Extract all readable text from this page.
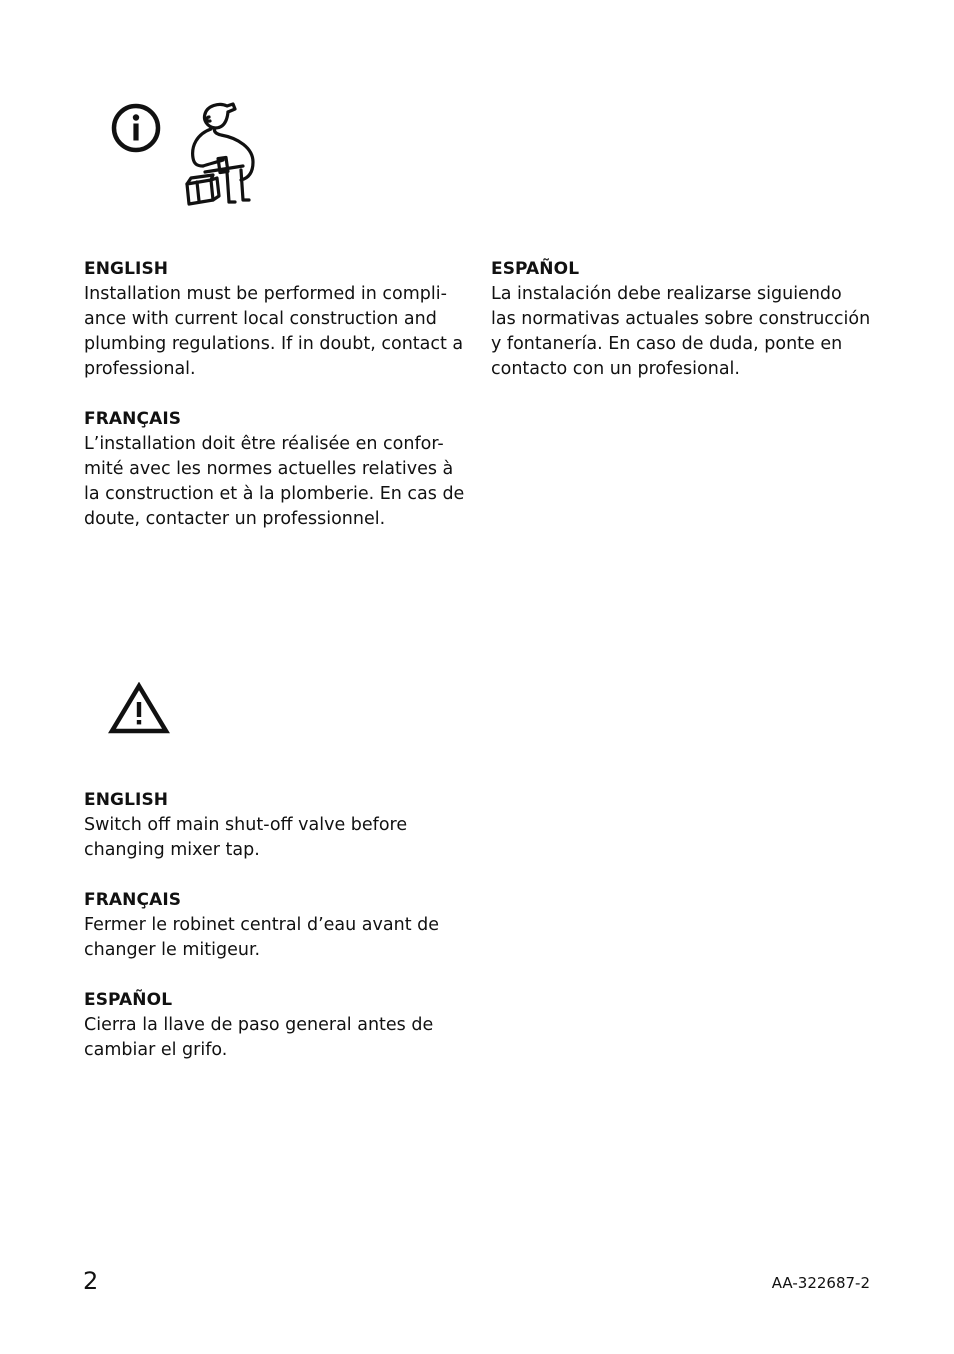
ENGLISH
Installation must be performed in compli-
ance with current local construction and
plumbing regulations. If in doubt, contact a
professional.
ESPAÑOL
La instalación debe realizarse siguiendo
las normativas actuales sobre construcción
y fontanería. En caso de duda, ponte en
contacto con un profesional.
FRANÇAIS
L’installation doit être réalisée en confor-
mité avec les normes actuelles relatives à
la construction et à la plomberie. En cas de
doute, contacter un professionnel.
ENGLISH
Switch off main shut-off valve before
changing mixer tap.
FRANÇAIS
Fermer le robinet central d’eau avant de
changer le mitigeur.
ESPAÑOL
Cierra la llave de paso general antes de
cambiar el grifo.
2	AA-322687-2
